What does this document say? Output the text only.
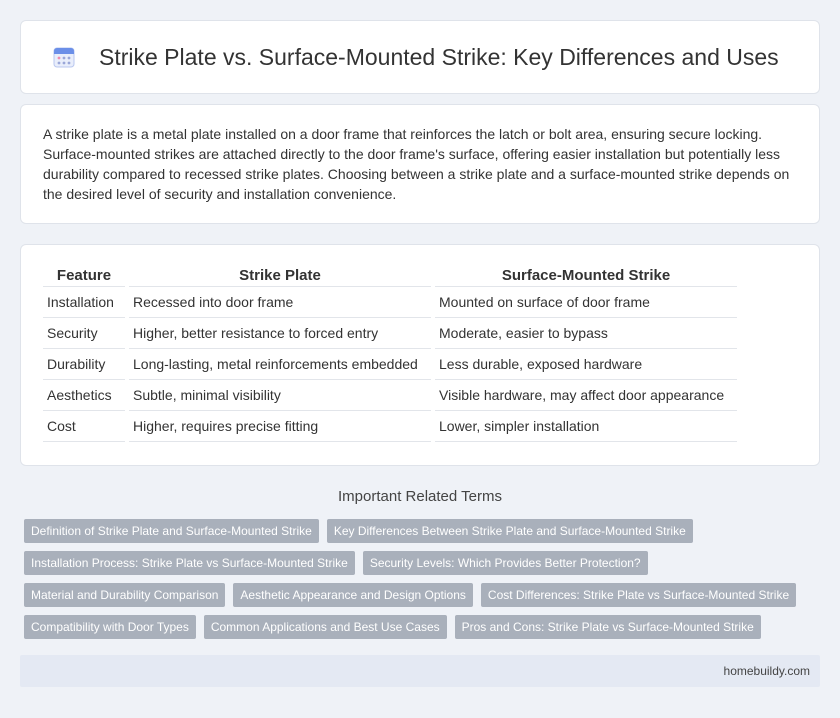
Strike Plate vs. Surface-Mounted Strike: Key Differences and Uses

A strike plate is a metal plate installed on a door frame that reinforces the latch or bolt area, ensuring secure locking. Surface-mounted strikes are attached directly to the door frame's surface, offering easier installation but potentially less durability compared to recessed strike plates. Choosing between a strike plate and a surface-mounted strike depends on the desired level of security and installation convenience.

Feature	Strike Plate	Surface-Mounted Strike
Installation	Recessed into door frame	Mounted on surface of door frame
Security	Higher, better resistance to forced entry	Moderate, easier to bypass
Durability	Long-lasting, metal reinforcements embedded	Less durable, exposed hardware
Aesthetics	Subtle, minimal visibility	Visible hardware, may affect door appearance
Cost	Higher, requires precise fitting	Lower, simpler installation
Important Related Terms
Definition of Strike Plate and Surface-Mounted Strike	Key Differences Between Strike Plate and Surface-Mounted Strike
Installation Process: Strike Plate vs Surface-Mounted Strike	Security Levels: Which Provides Better Protection?
Material and Durability Comparison	Aesthetic Appearance and Design Options	Cost Differences: Strike Plate vs Surface-Mounted Strike
Compatibility with Door Types	Common Applications and Best Use Cases	Pros and Cons: Strike Plate vs Surface-Mounted Strike
homebuildy.com
